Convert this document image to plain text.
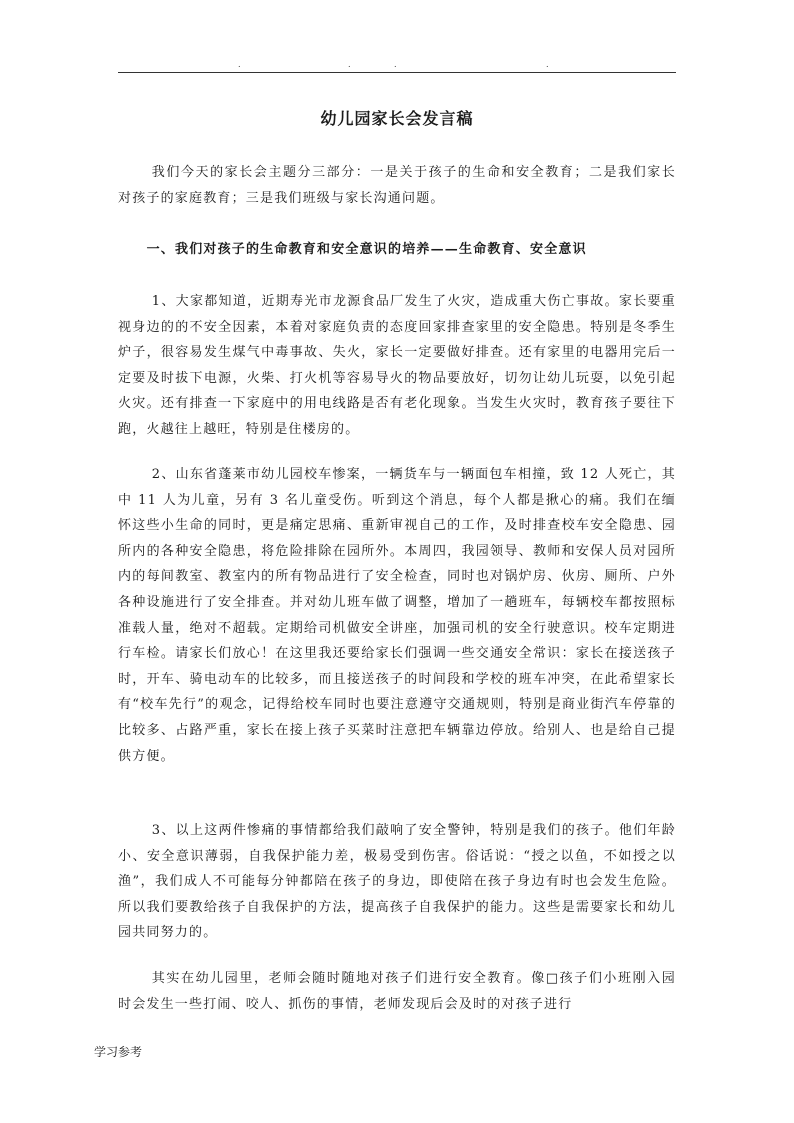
.	.	.	.
幼儿园家长会发言稿

我们今天的家长会主题分三部分：一是关于孩子的生命和安全教育；二是我们家长对孩子的家庭教育；三是我们班级与家长沟通问题。

一、我们对孩子的生命教育和安全意识的培养——生命教育、安全意识

1、大家都知道，近期寿光市龙源食品厂发生了火灾，造成重大伤亡事故。家长要重视身边的的不安全因素，本着对家庭负责的态度回家排查家里的安全隐患。特别是冬季生炉子，很容易发生煤气中毒事故、失火，家长一定要做好排查。还有家里的电器用完后一定要及时拔下电源，火柴、打火机等容易导火的物品要放好，切勿让幼儿玩耍，以免引起火灾。还有排查一下家庭中的用电线路是否有老化现象。当发生火灾时，教育孩子要往下跑，火越往上越旺，特别是住楼房的。

2、山东省蓬莱市幼儿园校车惨案，一辆货车与一辆面包车相撞，致 12 人死亡，其中 11 人为儿童，另有 3 名儿童受伤。听到这个消息，每个人都是揪心的痛。我们在缅怀这些小生命的同时，更是痛定思痛、重新审视自己的工作，及时排查校车安全隐患、园所内的各种安全隐患，将危险排除在园所外。本周四，我园领导、教师和安保人员对园所内的每间教室、教室内的所有物品进行了安全检查，同时也对锅炉房、伙房、厕所、户外各种设施进行了安全排查。并对幼儿班车做了调整，增加了一趟班车，每辆校车都按照标准载人量，绝对不超载。定期给司机做安全讲座，加强司机的安全行驶意识。校车定期进行车检。请家长们放心！在这里我还要给家长们强调一些交通安全常识：家长在接送孩子时，开车、骑电动车的比较多，而且接送孩子的时间段和学校的班车冲突，在此希望家长有“校车先行”的观念，记得给校车同时也要注意遵守交通规则，特别是商业街汽车停靠的比较多、占路严重，家长在接上孩子买菜时注意把车辆靠边停放。给别人、也是给自己提供方便。

3、以上这两件惨痛的事情都给我们敲响了安全警钟，特别是我们的孩子。他们年龄小、安全意识薄弱，自我保护能力差，极易受到伤害。俗话说：“授之以鱼，不如授之以渔”，我们成人不可能每分钟都陪在孩子的身边，即使陪在孩子身边有时也会发生危险。所以我们要教给孩子自我保护的方法，提高孩子自我保护的能力。这些是需要家长和幼儿园共同努力的。

其实在幼儿园里，老师会随时随地对孩子们进行安全教育。像□孩子们小班刚入园时会发生一些打闹、咬人、抓伤的事情，老师发现后会及时的对孩子进行

学习参考
